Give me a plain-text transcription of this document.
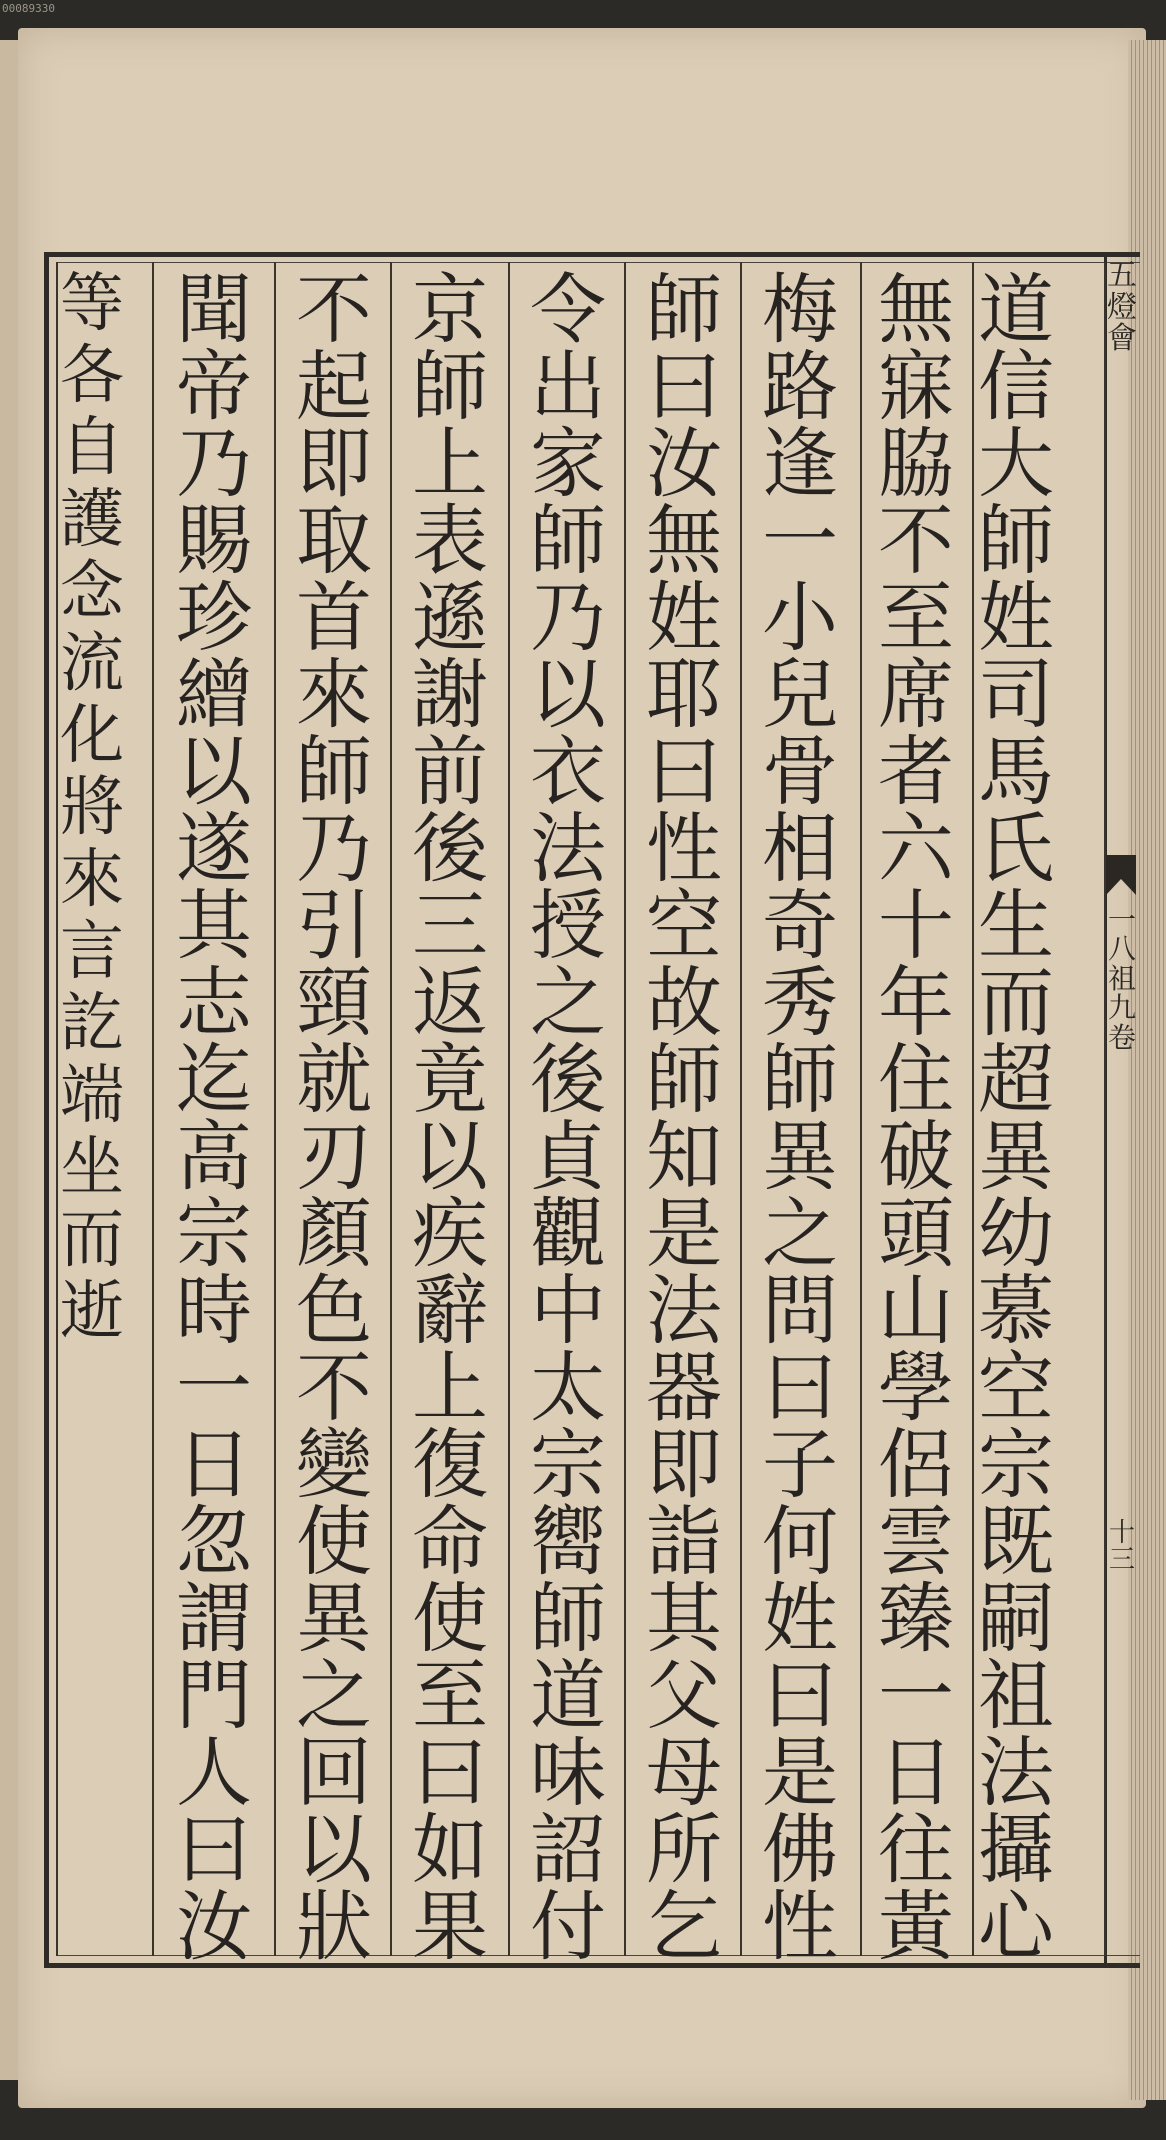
00089330
五
燈
會
一
八
祖
九
卷
十
三
道
信
大
師
姓
司
馬
氏
生
而
超
異
幼
慕
空
宗
既
嗣
祖
法
攝
心
無
寐
脇
不
至
席
者
六
十
年
住
破
頭
山
學
侶
雲
臻
一
日
往
黃
梅
路
逢
一
小
兒
骨
相
奇
秀
師
異
之
問
曰
子
何
姓
曰
是
佛
性
師
曰
汝
無
姓
耶
曰
性
空
故
師
知
是
法
器
即
詣
其
父
母
所
乞
令
出
家
師
乃
以
衣
法
授
之
後
貞
觀
中
太
宗
嚮
師
道
味
詔
付
京
師
上
表
遜
謝
前
後
三
返
竟
以
疾
辭
上
復
命
使
至
曰
如
果
不
起
即
取
首
來
師
乃
引
頸
就
刃
顏
色
不
變
使
異
之
回
以
狀
聞
帝
乃
賜
珍
繒
以
遂
其
志
迄
高
宗
時
一
日
忽
謂
門
人
曰
汝
等
各
自
護
念
流
化
將
來
言
訖
端
坐
而
逝
